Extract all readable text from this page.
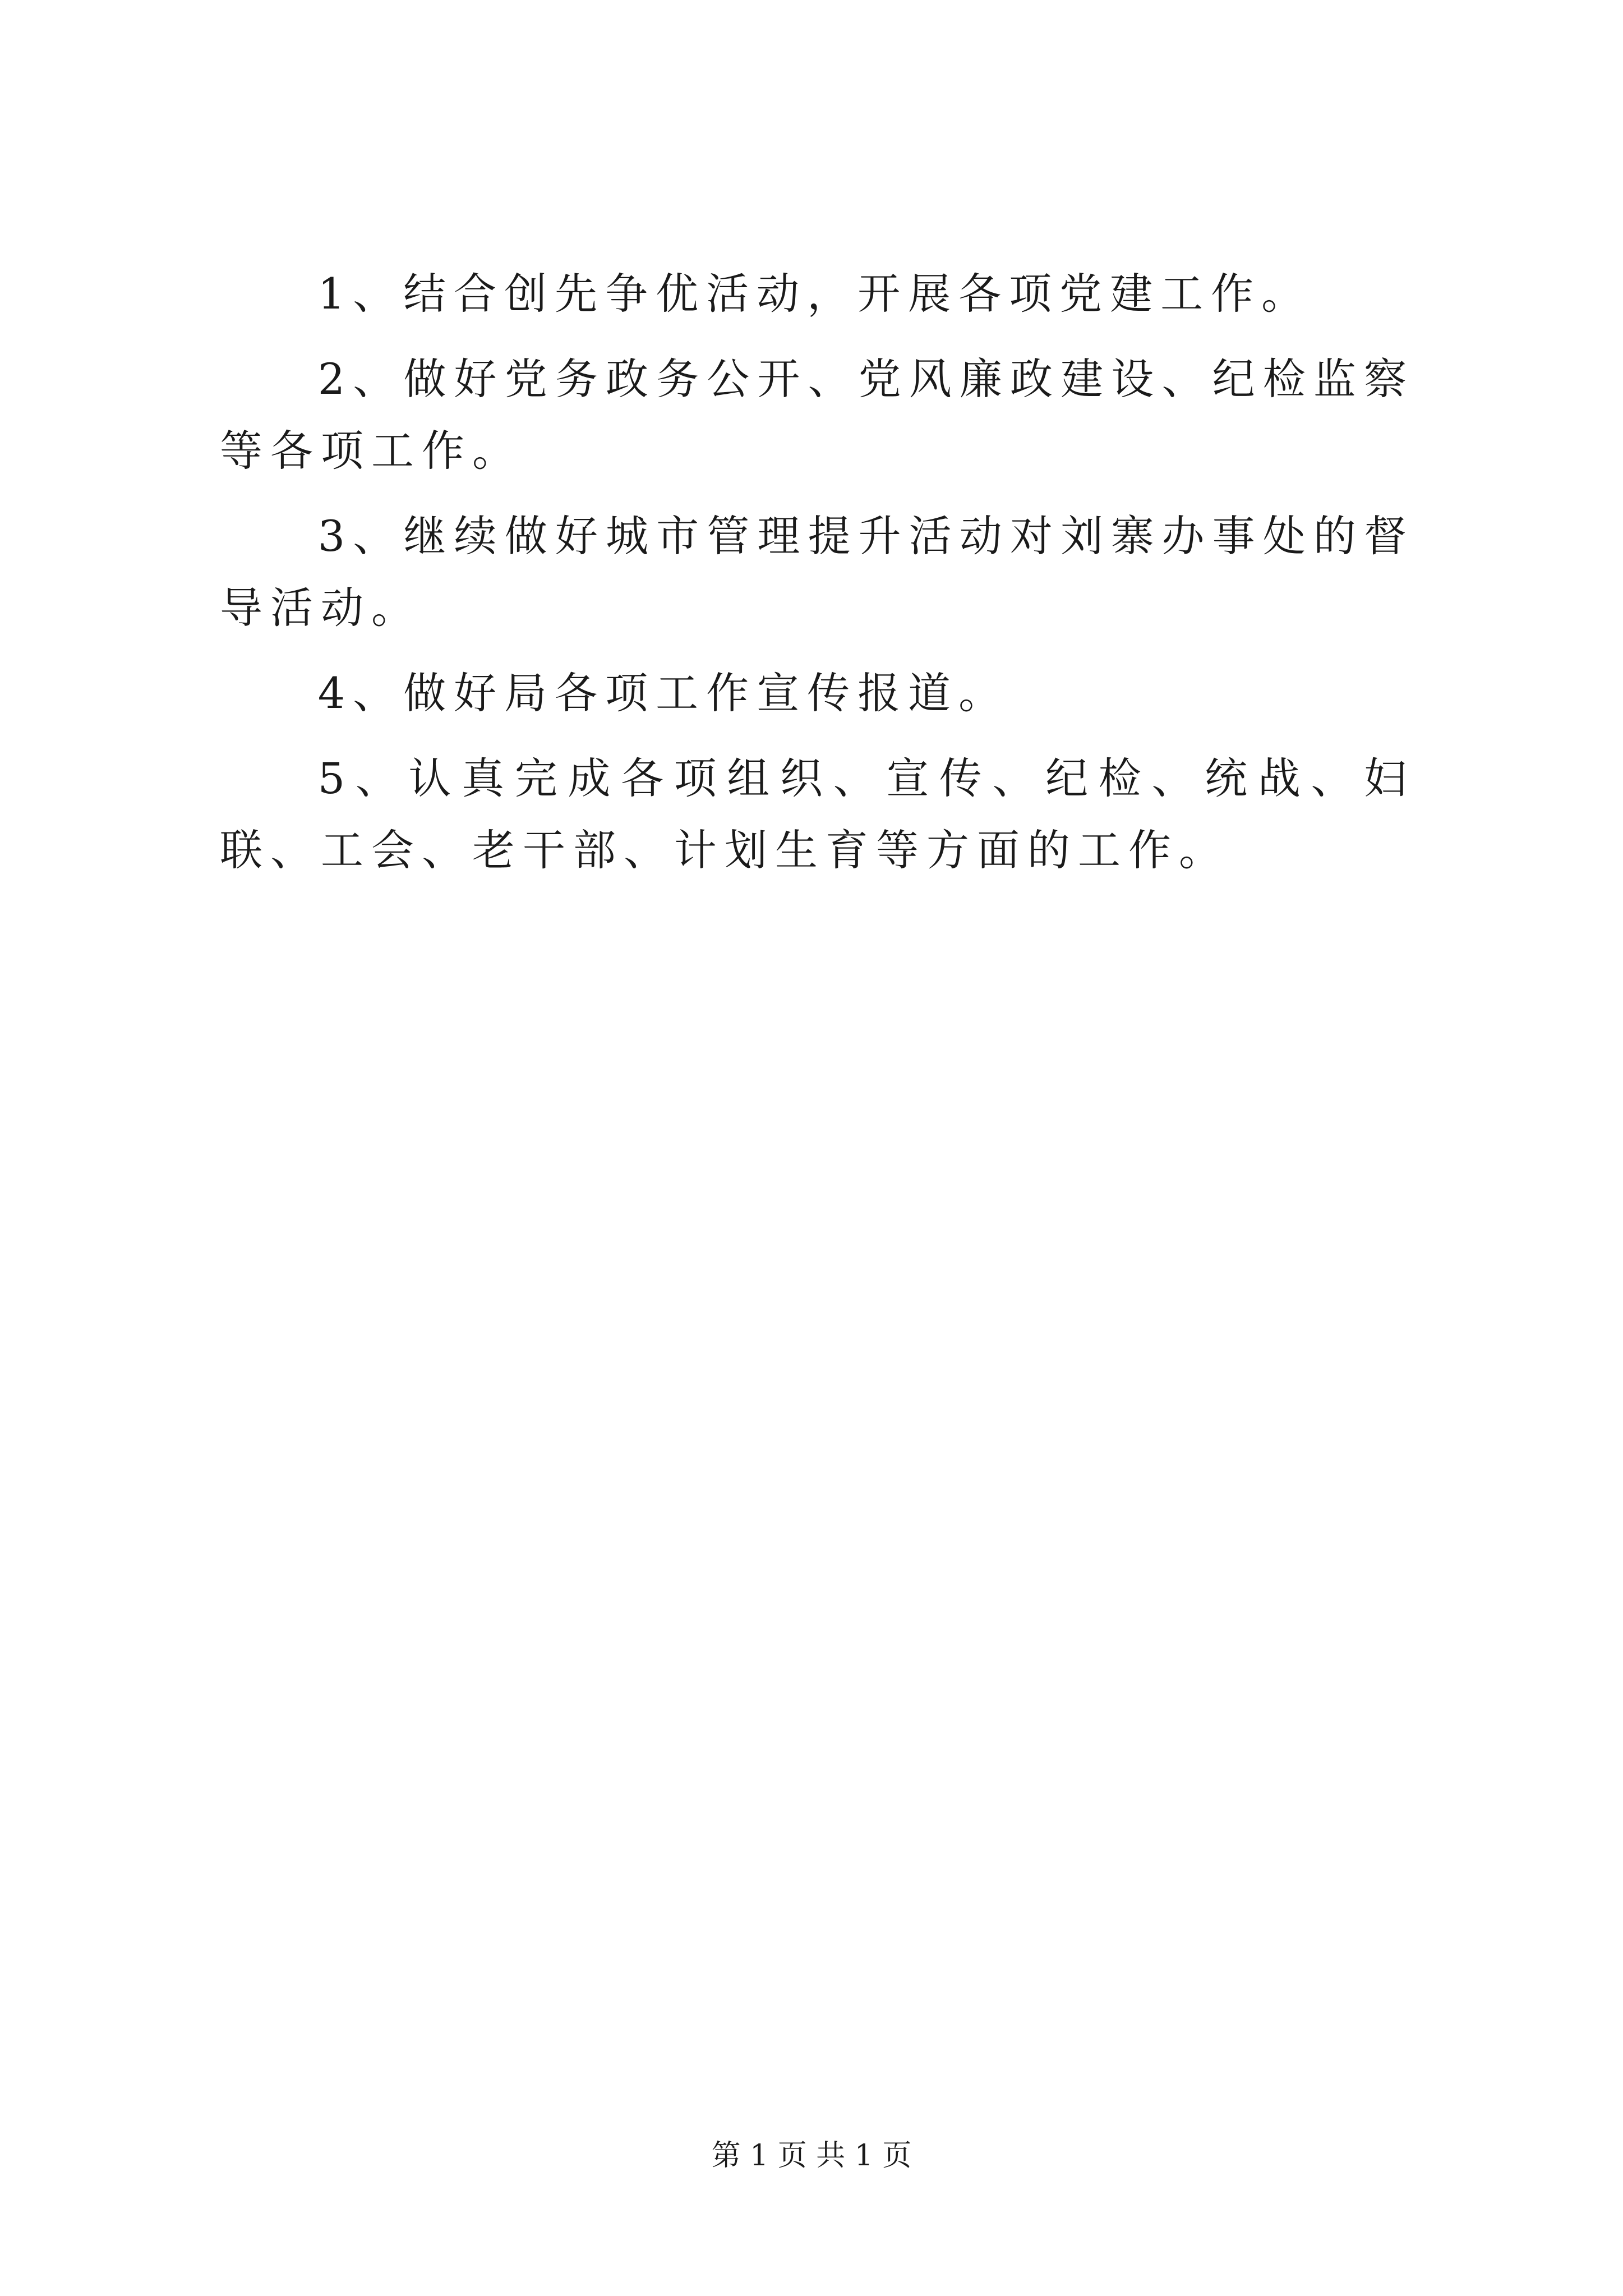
1、结合创先争优活动，开展各项党建工作。

2、做好党务政务公开、党风廉政建设、纪检监察等各项工作。

3、继续做好城市管理提升活动对刘寨办事处的督导活动。

4、做好局各项工作宣传报道。

5、认真完成各项组织、宣传、纪检、统战、妇联、工会、老干部、计划生育等方面的工作。

第 1 页 共 1 页
